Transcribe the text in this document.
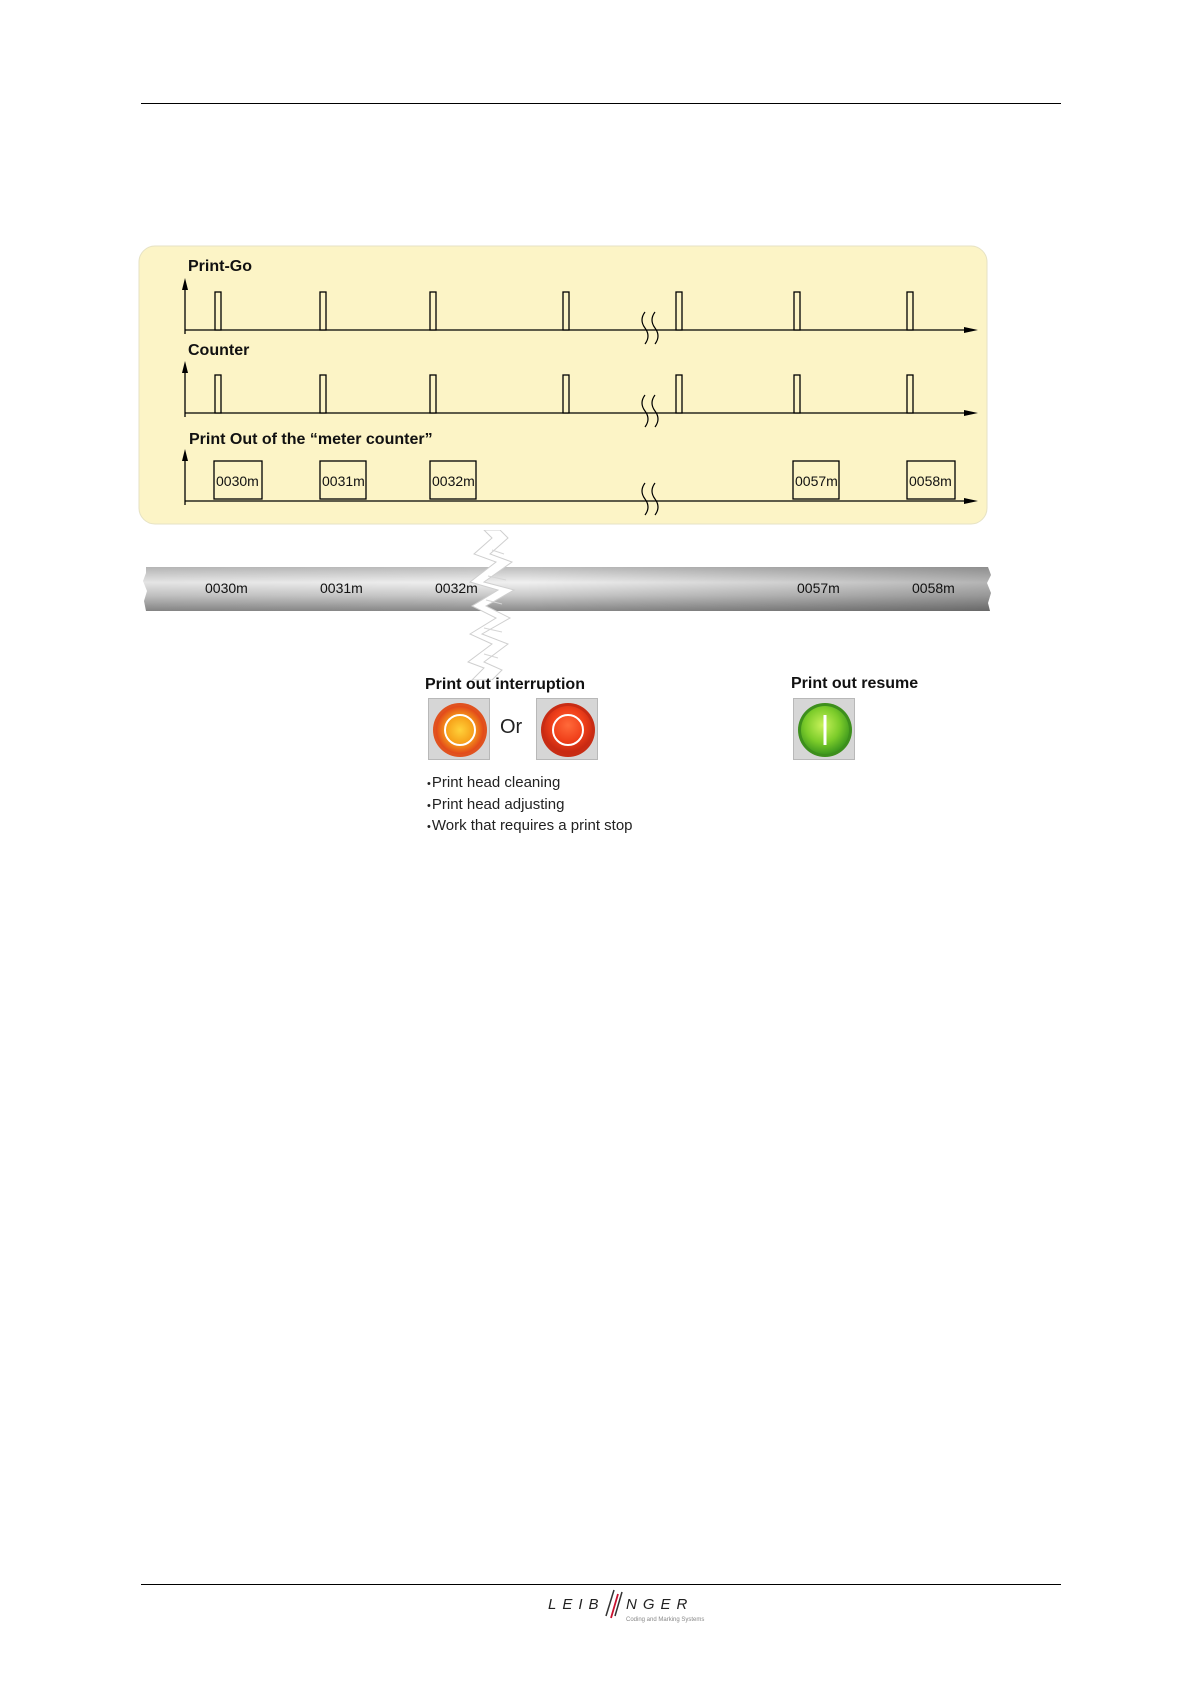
Print-Go
Counter
Print Out of the “meter counter”
0030m	0031m	0032m	0057m	0058m
0030m	0031m	0032m	0057m	0058m
Print out interruption
Or
• Print head cleaning
• Print head adjusting
• Work that requires a print stop
Print out resume
LEIB NGER
Coding and Marking Systems
